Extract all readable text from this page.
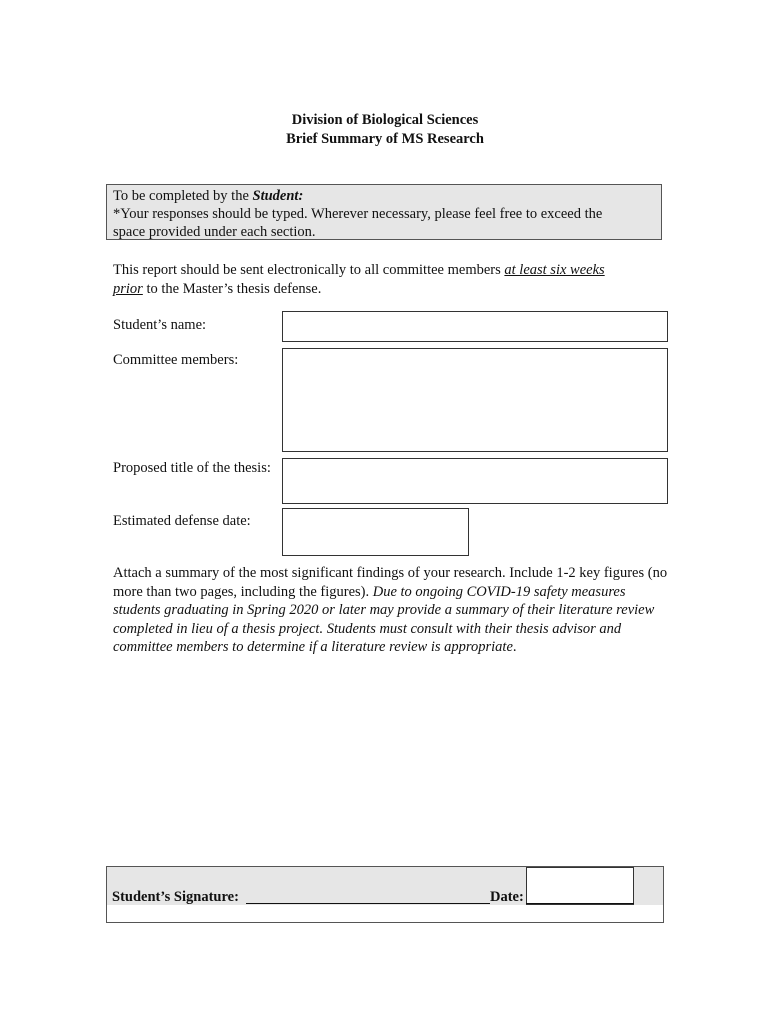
Division of Biological Sciences
Brief Summary of MS Research
To be completed by the Student:
*Your responses should be typed. Wherever necessary, please feel free to exceed the
space provided under each section.
This report should be sent electronically to all committee members at least six weeks
prior to the Master’s thesis defense.
Student’s name:
Committee members:
Proposed title of the thesis:
Estimated defense date:
Attach a summary of the most significant findings of your research. Include 1-2 key figures (no more than two pages, including the figures). Due to ongoing COVID-19 safety measures students graduating in Spring 2020 or later may provide a summary of their literature review completed in lieu of a thesis project. Students must consult with their thesis advisor and committee members to determine if a literature review is appropriate.
Student’s Signature:	Date:
